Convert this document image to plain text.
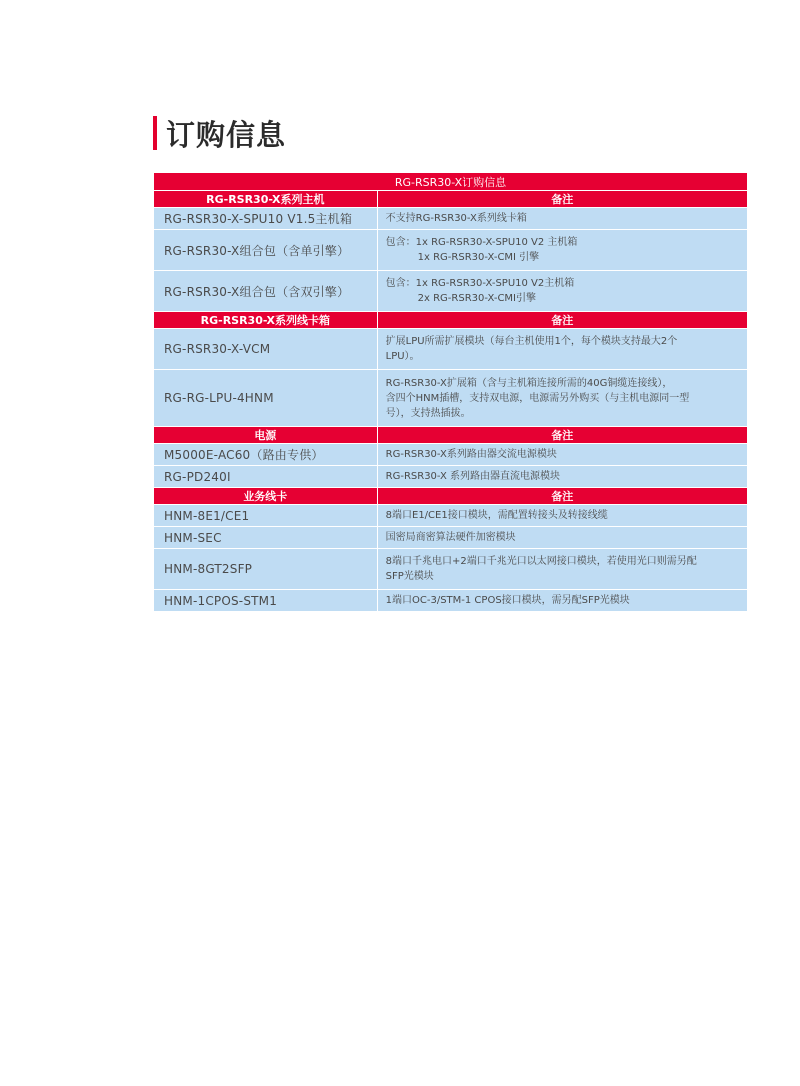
订购信息
RG-RSR30-X订购信息	
RG-RSR30-X系列主机	备注
RG-RSR30-X-SPU10 V1.5主机箱	不支持RG-RSR30-X系列线卡箱

RG-RSR30-X组合包（含单引擎）	包含：1x RG-RSR30-X-SPU10 V2 主机箱
1x RG-RSR30-X-CMI 引擎

RG-RSR30-X组合包（含双引擎）	包含：1x RG-RSR30-X-SPU10 V2主机箱
2x RG-RSR30-X-CMI引擎

RG-RSR30-X系列线卡箱	备注
RG-RSR30-X-VCM	扩展LPU所需扩展模块（每台主机使用1个，每个模块支持最大2个
LPU）。

RG-RG-LPU-4HNM	RG-RSR30-X扩展箱（含与主机箱连接所需的40G铜缆连接线），
含四个HNM插槽，支持双电源，电源需另外购买（与主机电源同一型
号），支持热插拔。

电源	备注
M5000E-AC60（路由专供）	RG-RSR30-X系列路由器交流电源模块

RG-PD240I	RG-RSR30-X 系列路由器直流电源模块

业务线卡	备注
HNM-8E1/CE1	8端口E1/CE1接口模块，需配置转接头及转接线缆

HNM-SEC	国密局商密算法硬件加密模块

HNM-8GT2SFP	8端口千兆电口+2端口千兆光口以太网接口模块，若使用光口则需另配
SFP光模块

HNM-1CPOS-STM1	1端口OC-3/STM-1 CPOS接口模块，需另配SFP光模块
